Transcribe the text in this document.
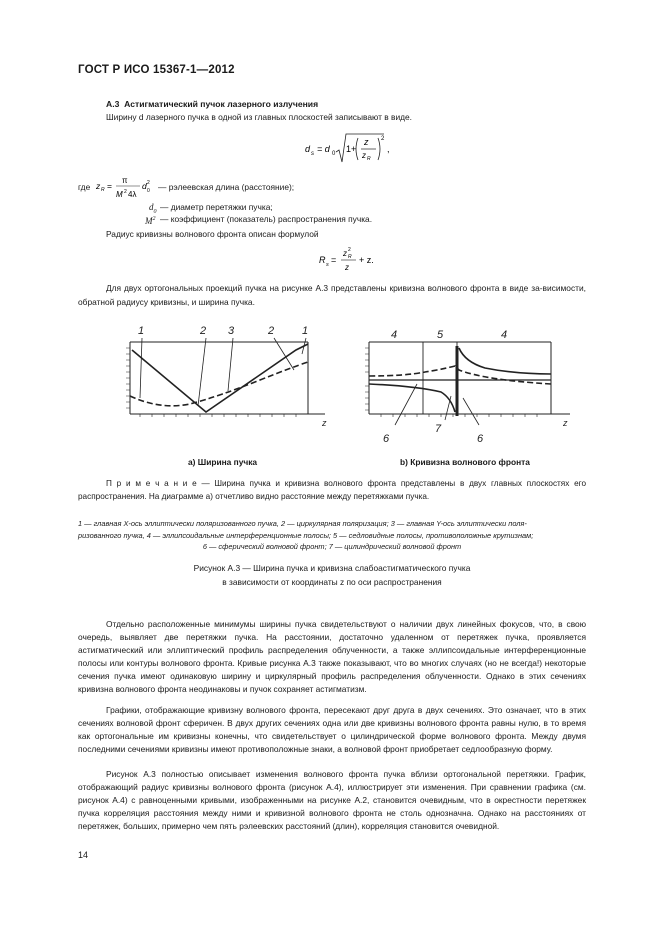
ГОСТ Р ИСО 15367-1—2012
А.3 Астигматический пучок лазерного излучения
Ширину d лазерного пучка в одной из главных плоскостей записывают в виде.
d s = d 0 1+
z
z R
2
,
где z R =
π
M 2 4λ
d 2
0 — рэлеевская длина (расстояние);
$d_0$ — диаметр перетяжки пучка;
$M^2$ — коэффициент (показатель) распространения пучка.
Радиус кривизны волнового фронта описан формулой
R s =
z 2
R
z
+ z.
Для двух ортогональных проекций пучка на рисунке А.3 представлены кривизна волнового фронта в виде за-висимости, обратной радиусу кривизны, и ширина пучка.
1	2 3	2	1
z
4	5	4
6
7
6
z
a) Ширина пучка	b) Кривизна волнового фронта
П р и м е ч а н и е — Ширина пучка и кривизна волнового фронта представлены в двух главных плоскостях его распространения. На диаграмме а) отчетливо видно расстояние между перетяжками пучка.
1 — главная X-ось эллиптически поляризованного пучка, 2 — циркулярная поляризация; 3 — главная Y-ось эллиптически поля-
ризованного пучка, 4 — эллипсоидальные интерференционные полосы; 5 — седловидные полосы, противоположные крутизнам;
6 — сферический волновой фронт; 7 — цилиндрический волновой фронт
Рисунок А.3 — Ширина пучка и кривизна слабоастигматического пучка
в зависимости от координаты z по оси распространения
Отдельно расположенные минимумы ширины пучка свидетельствуют о наличии двух линейных фокусов, что, в свою очередь, выявляет две перетяжки пучка. На расстоянии, достаточно удаленном от перетяжек пучка, проявляется астигматический или эллиптический профиль распределения облученности, а также эллипсоидальные интерференционные полосы или контуры волнового фронта. Кривые рисунка А.3 также показывают, что во многих случаях (но не всегда!) некоторые сечения пучка имеют одинаковую ширину и циркулярный профиль распределения облученности. Однако в этих сечениях кривизна волнового фронта неодинаковы и пучок сохраняет астигматизм.
Графики, отображающие кривизну волнового фронта, пересекают друг друга в двух сечениях. Это означает, что в этих сечениях волновой фронт сферичен. В двух других сечениях одна или две кривизны волнового фронта равны нулю, в то время как ортогональные им кривизны конечны, что свидетельствует о цилиндрической форме волнового фронта. Между двумя последними сечениями кривизны имеют противоположные знаки, а волновой фронт приобретает седлообразную форму.
Рисунок А.3 полностью описывает изменения волнового фронта пучка вблизи ортогональной перетяжки. График, отображающий радиус кривизны волнового фронта (рисунок А.4), иллюстрирует эти изменения. При сравнении графика (см. рисунок А.4) с равноценными кривыми, изображенными на рисунке А.2, становится очевидным, что в окрестности перетяжек пучка корреляция расстояния между ними и кривизной волнового фронта не столь однозначна. Однако на расстояниях от перетяжек, больших, примерно чем пять рэлеевских расстояний (длин), корреляция становится очевидной.
14
